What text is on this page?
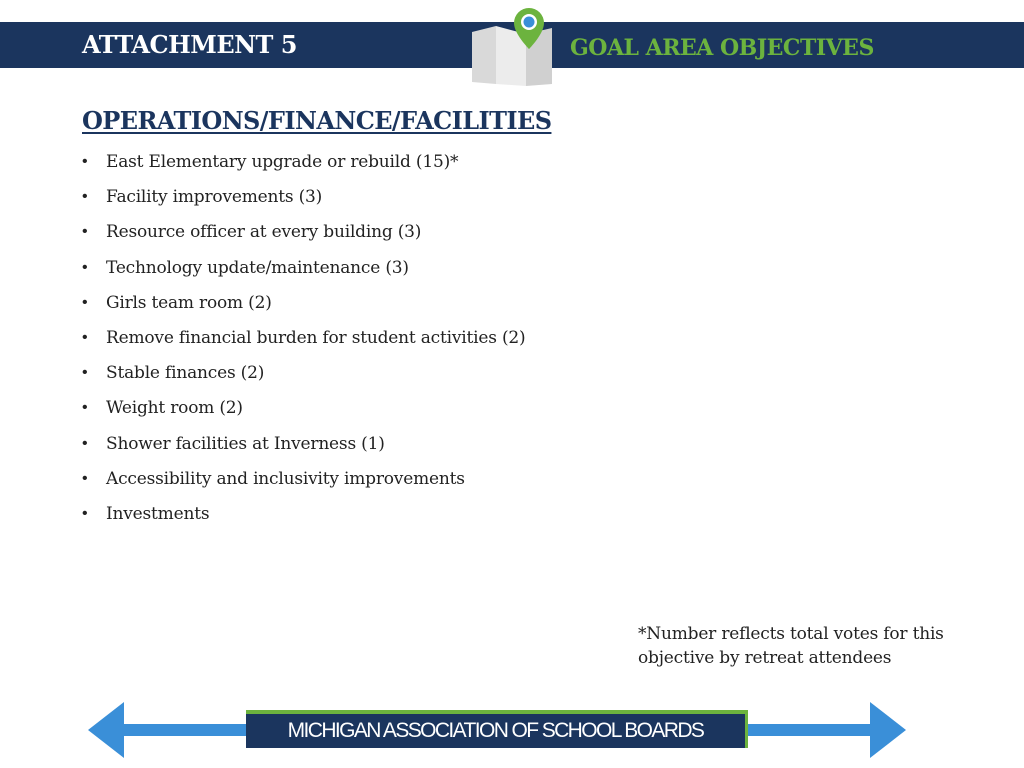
ATTACHMENT 5	GOAL AREA OBJECTIVES
OPERATIONS/FINANCE/FACILITIES
• East Elementary upgrade or rebuild (15)*
• Facility improvements (3)
• Resource officer at every building (3)
• Technology update/maintenance (3)
• Girls team room (2)
• Remove financial burden for student activities (2)
• Stable finances (2)
• Weight room (2)
• Shower facilities at Inverness (1)
• Accessibility and inclusivity improvements
• Investments
*Number reflects total votes for this
objective by retreat attendees
MICHIGAN ASSOCIATION OF SCHOOL BOARDS
